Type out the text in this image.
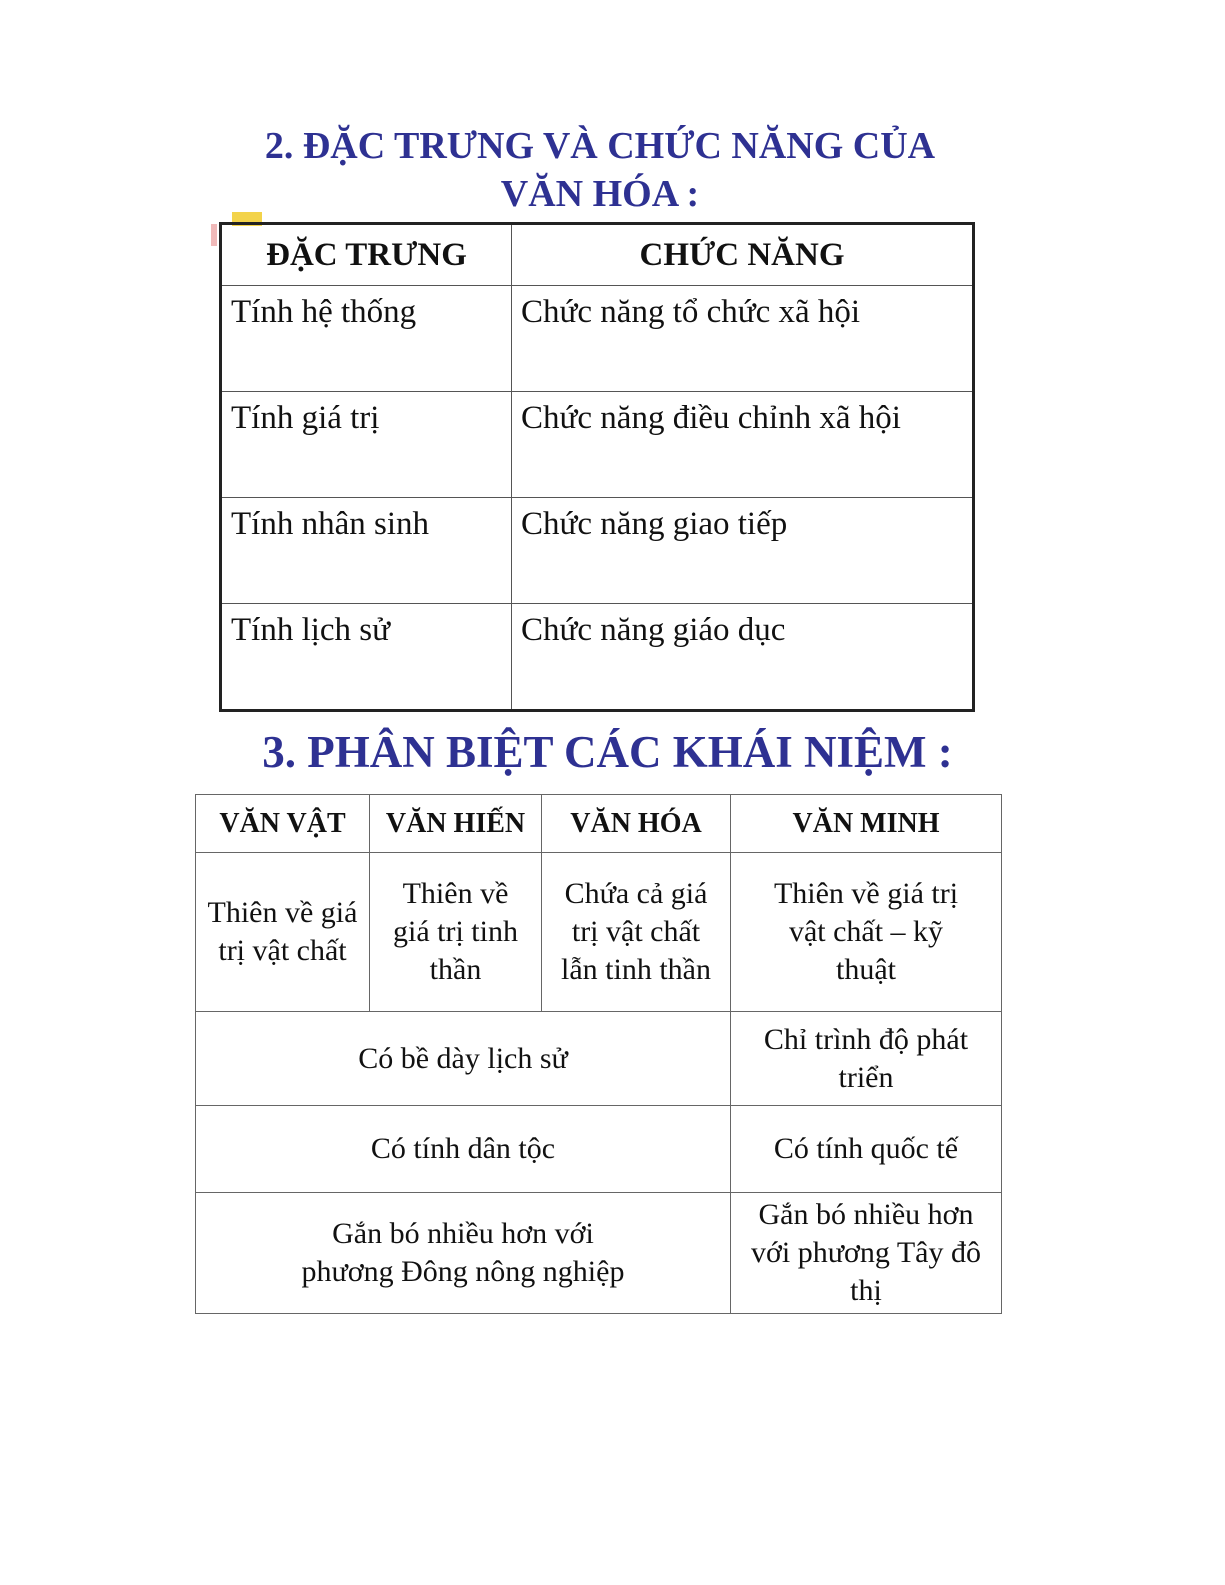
2. ĐẶC TRƯNG VÀ CHỨC NĂNG CỦA
VĂN HÓA :
ĐẶC TRƯNG	CHỨC NĂNG
Tính hệ thống	Chức năng tổ chức xã hội
Tính giá trị	Chức năng điều chỉnh xã hội
Tính nhân sinh	Chức năng giao tiếp
Tính lịch sử	Chức năng giáo dục
3. PHÂN BIỆT CÁC KHÁI NIỆM :
VĂN VẬT	VĂN HIẾN	VĂN HÓA	VĂN MINH
Thiên về giá trị vật chất	Thiên về giá trị tinh thần	Chứa cả giá trị vật chất lẫn tinh thần	Thiên về giá trị vật chất – kỹ thuật
Có bề dày lịch sử			Chỉ trình độ phát triển
Có tính dân tộc			Có tính quốc tế
Gắn bó nhiều hơn với phương Đông nông nghiệp			Gắn bó nhiều hơn với phương Tây đô thị
